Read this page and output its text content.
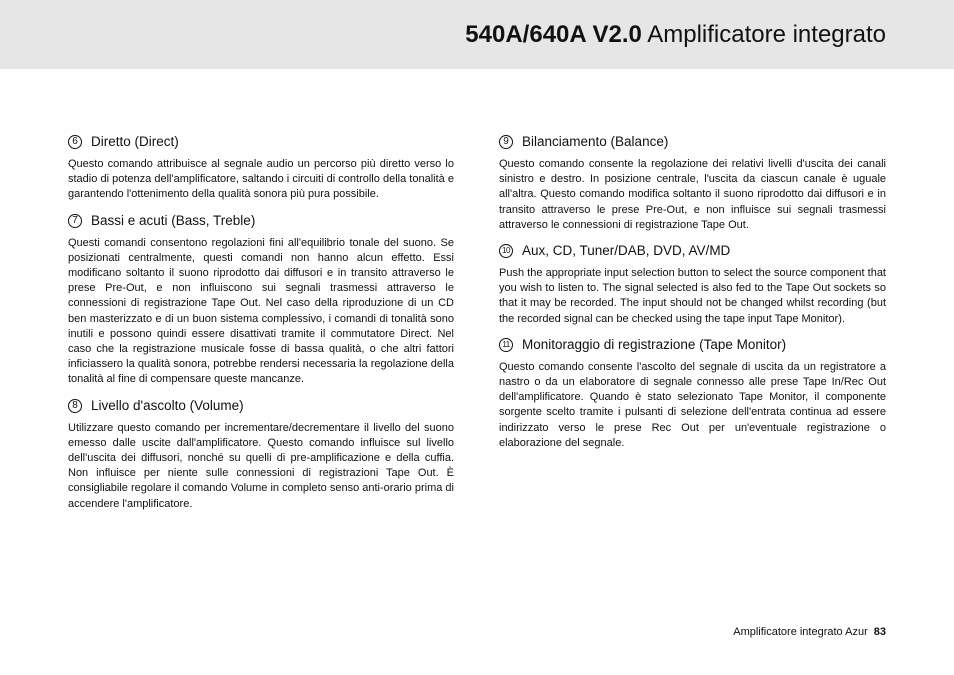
540A/640A V2.0 Amplificatore integrato
6 Diretto (Direct)

Questo comando attribuisce al segnale audio un percorso più diretto verso lo stadio di potenza dell'amplificatore, saltando i circuiti di controllo della tonalità e garantendo l'ottenimento della qualità sonora più pura possibile.

7 Bassi e acuti (Bass, Treble)

Questi comandi consentono regolazioni fini all'equilibrio tonale del suono. Se posizionati centralmente, questi comandi non hanno alcun effetto. Essi modificano soltanto il suono riprodotto dai diffusori e in transito attraverso le prese Pre-Out, e non influiscono sui segnali trasmessi attraverso le connessioni di registrazione Tape Out. Nel caso della riproduzione di un CD ben masterizzato e di un buon sistema complessivo, i comandi di tonalità sono inutili e possono quindi essere disattivati tramite il commutatore Direct. Nel caso che la registrazione musicale fosse di bassa qualità, o che altri fattori inficiassero la qualità sonora, potrebbe rendersi necessaria la regolazione della tonalità al fine di compensare queste mancanze.

8 Livello d'ascolto (Volume)

Utilizzare questo comando per incrementare/decrementare il livello del suono emesso dalle uscite dall'amplificatore. Questo comando influisce sul livello dell'uscita dei diffusori, nonché su quelli di pre-amplificazione e della cuffia. Non influisce per niente sulle connessioni di registrazioni Tape Out. È consigliabile regolare il comando Volume in completo senso anti-orario prima di accendere l'amplificatore.

9 Bilanciamento (Balance)

Questo comando consente la regolazione dei relativi livelli d'uscita dei canali sinistro e destro. In posizione centrale, l'uscita da ciascun canale è uguale all'altra. Questo comando modifica soltanto il suono riprodotto dai diffusori e in transito attraverso le prese Pre-Out, e non influisce sui segnali trasmessi attraverso le connessioni di registrazione Tape Out.

10 Aux, CD, Tuner/DAB, DVD, AV/MD

Push the appropriate input selection button to select the source component that you wish to listen to. The signal selected is also fed to the Tape Out sockets so that it may be recorded. The input should not be changed whilst recording (but the recorded signal can be checked using the tape input Tape Monitor).

11 Monitoraggio di registrazione (Tape Monitor)

Questo comando consente l'ascolto del segnale di uscita da un registratore a nastro o da un elaboratore di segnale connesso alle prese Tape In/Rec Out dell'amplificatore. Quando è stato selezionato Tape Monitor, il componente sorgente scelto tramite i pulsanti di selezione dell'entrata continua ad essere indirizzato verso le prese Rec Out per un'eventuale registrazione o elaborazione del segnale.

Amplificatore integrato Azur 83
